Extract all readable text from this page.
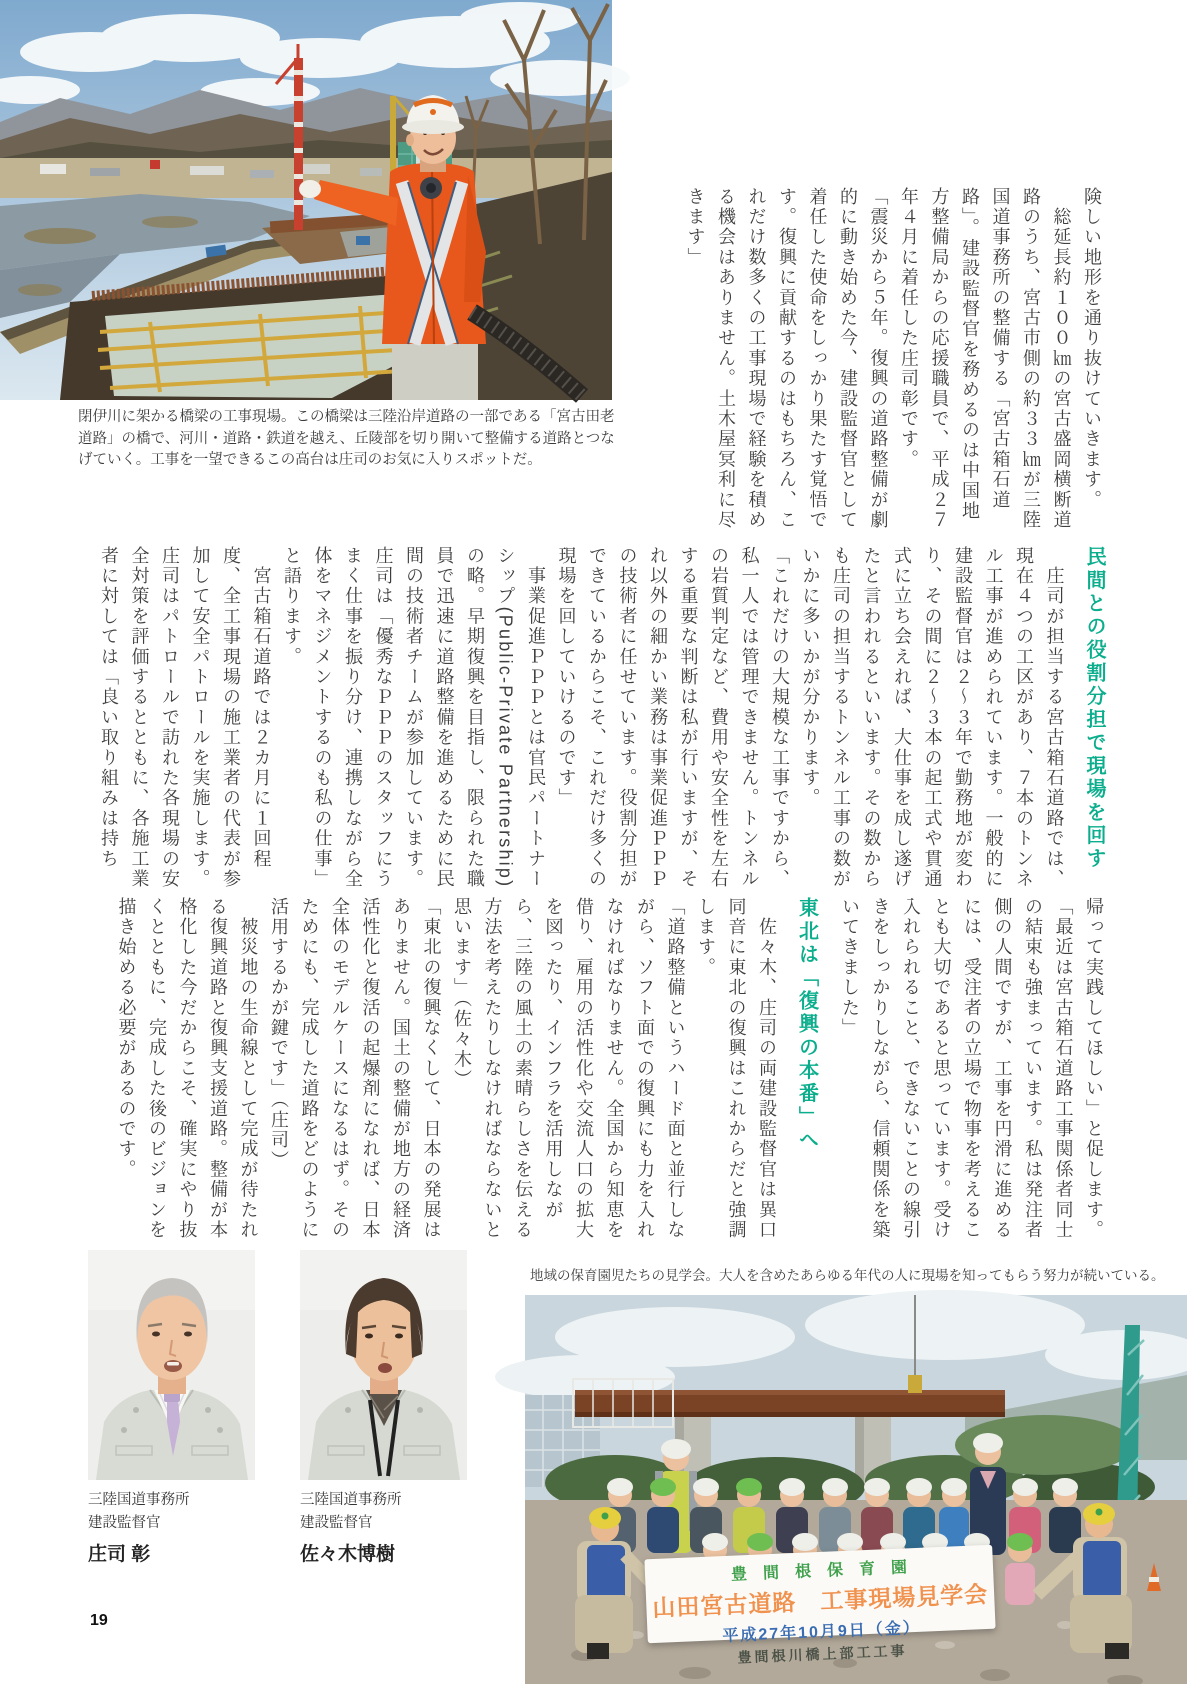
閉伊川に架かる橋梁の工事現場。この橋梁は三陸沿岸道路の一部である「宮古田老道路」の橋で、河川・道路・鉄道を越え、丘陵部を切り開いて整備する道路とつなげていく。工事を一望できるこの高台は庄司のお気に入りスポットだ。	険しい地形を通り抜けていきます。

　総延長約１００㎞の宮古盛岡横断道路のうち、宮古市側の約３３㎞が三陸国道事務所の整備する「宮古箱石道路」。建設監督官を務めるのは中国地方整備局からの応援職員で、平成２７年４月に着任した庄司彰です。

「震災から５年。復興の道路整備が劇的に動き始めた今、建設監督官として着任した使命をしっかり果たす覚悟です。復興に貢献するのはもちろん、これだけ数多くの工事現場で経験を積める機会はありません。土木屋冥利に尽きます」

民間との役割分担で現場を回す

　庄司が担当する宮古箱石道路では、現在４つの工区があり、７本のトンネル工事が進められています。一般的に建設監督官は２〜３年で勤務地が変わり、その間に２〜３本の起工式や貫通式に立ち会えれば、大仕事を成し遂げたと言われるといいます。その数からも庄司の担当するトンネル工事の数がいかに多いかが分かります。

「これだけの大規模な工事ですから、私一人では管理できません。トンネルの岩質判定など、費用や安全性を左右する重要な判断は私が行いますが、それ以外の細かい業務は事業促進ＰＰＰの技術者に任せています。役割分担ができているからこそ、これだけ多くの現場を回していけるのです」

　事業促進ＰＰＰとは官民パートナーシップ(Public-Private Partnership)の略。早期復興を目指し、限られた職員で迅速に道路整備を進めるために民間の技術者チームが参加しています。庄司は「優秀なＰＰＰのスタッフにうまく仕事を振り分け、連携しながら全体をマネジメントするのも私の仕事」と語ります。

　宮古箱石道路では２カ月に１回程度、全工事現場の施工業者の代表が参加して安全パトロールを実施します。庄司はパトロールで訪れた各現場の安全対策を評価するとともに、各施工業者に対しては「良い取り組みは持ち

帰って実践してほしい」と促します。

「最近は宮古箱石道路工事関係者同士の結束も強まっています。私は発注者側の人間ですが、工事を円滑に進めるには、受注者の立場で物事を考えることも大切であると思っています。受け入れられること、できないことの線引きをしっかりしながら、信頼関係を築いてきました」

東北は「復興の本番」へ

　佐々木、庄司の両建設監督官は異口同音に東北の復興はこれからだと強調します。

「道路整備というハード面と並行しながら、ソフト面での復興にも力を入れなければなりません。全国から知恵を借り、雇用の活性化や交流人口の拡大を図ったり、インフラを活用しながら、三陸の風土の素晴らしさを伝える方法を考えたりしなければならないと思います」（佐々木）

「東北の復興なくして、日本の発展はありません。国土の整備が地方の経済活性化と復活の起爆剤になれば、日本全体のモデルケースになるはず。そのためにも、完成した道路をどのように活用するかが鍵です」（庄司）

　被災地の生命線として完成が待たれる復興道路と復興支援道路。整備が本格化した今だからこそ、確実にやり抜くとともに、完成した後のビジョンを描き始める必要があるのです。

三陸国道事務所
建設監督官
庄司 彰
三陸国道事務所
建設監督官
佐々木博樹
地域の保育園児たちの見学会。大人を含めたあらゆる年代の人に現場を知ってもらう努力が続いている。
豊間根保育園
山田宮古道路　工事現場見学会
平成27年10月9日（金）
豊間根川橋上部工工事
19
